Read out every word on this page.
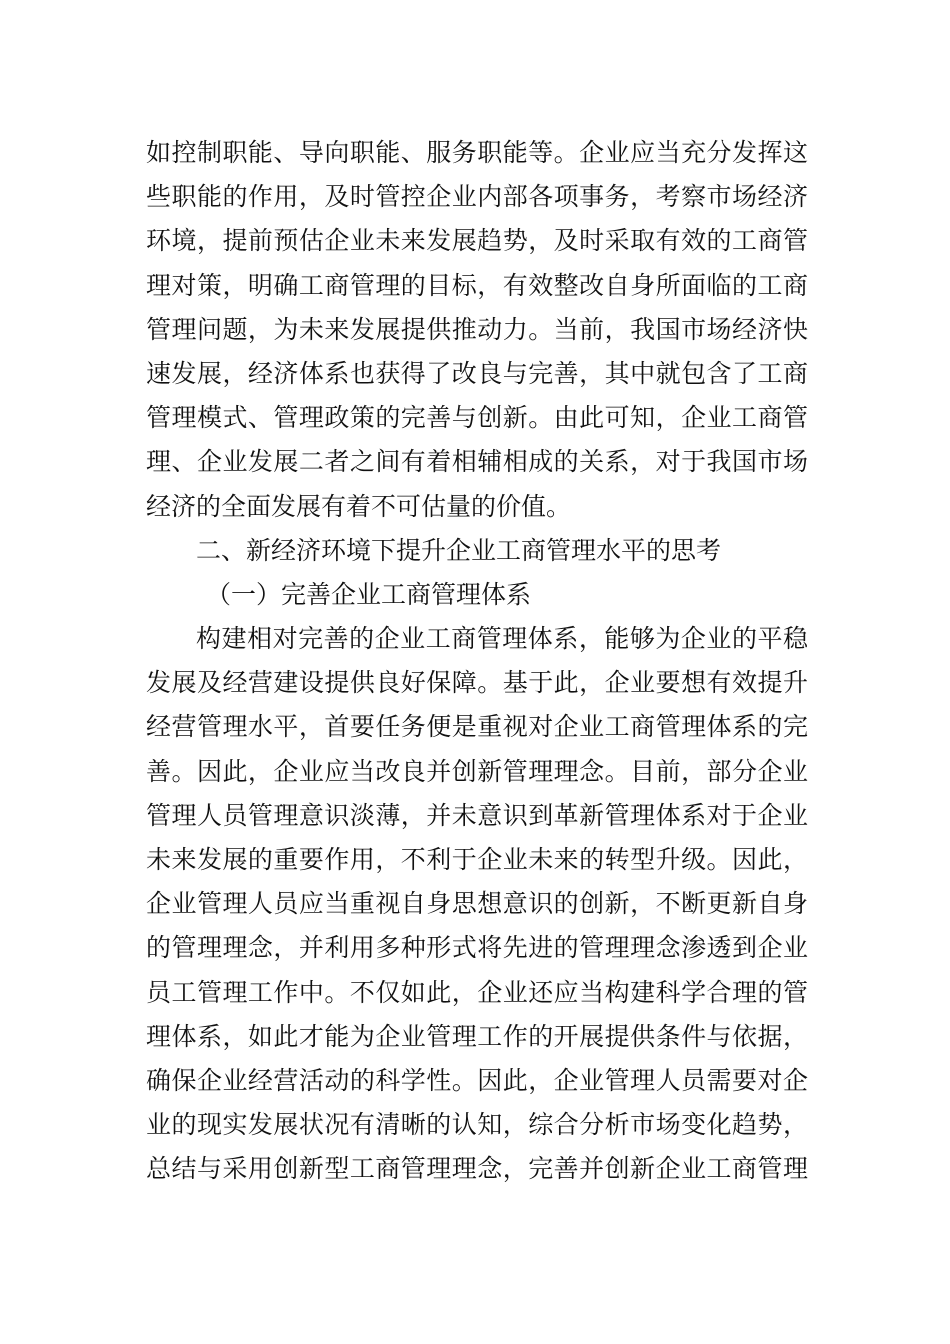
如控制职能、导向职能、服务职能等。企业应当充分发挥这
些职能的作用，及时管控企业内部各项事务，考察市场经济
环境，提前预估企业未来发展趋势，及时采取有效的工商管
理对策，明确工商管理的目标，有效整改自身所面临的工商
管理问题，为未来发展提供推动力。当前，我国市场经济快
速发展，经济体系也获得了改良与完善，其中就包含了工商
管理模式、管理政策的完善与创新。由此可知，企业工商管
理、企业发展二者之间有着相辅相成的关系，对于我国市场
经济的全面发展有着不可估量的价值。
二、新经济环境下提升企业工商管理水平的思考
（一）完善企业工商管理体系
构建相对完善的企业工商管理体系，能够为企业的平稳
发展及经营建设提供良好保障。基于此，企业要想有效提升
经营管理水平，首要任务便是重视对企业工商管理体系的完
善。因此，企业应当改良并创新管理理念。目前，部分企业
管理人员管理意识淡薄，并未意识到革新管理体系对于企业
未来发展的重要作用，不利于企业未来的转型升级。因此，
企业管理人员应当重视自身思想意识的创新，不断更新自身
的管理理念，并利用多种形式将先进的管理理念渗透到企业
员工管理工作中。不仅如此，企业还应当构建科学合理的管
理体系，如此才能为企业管理工作的开展提供条件与依据，
确保企业经营活动的科学性。因此，企业管理人员需要对企
业的现实发展状况有清晰的认知，综合分析市场变化趋势，
总结与采用创新型工商管理理念，完善并创新企业工商管理
